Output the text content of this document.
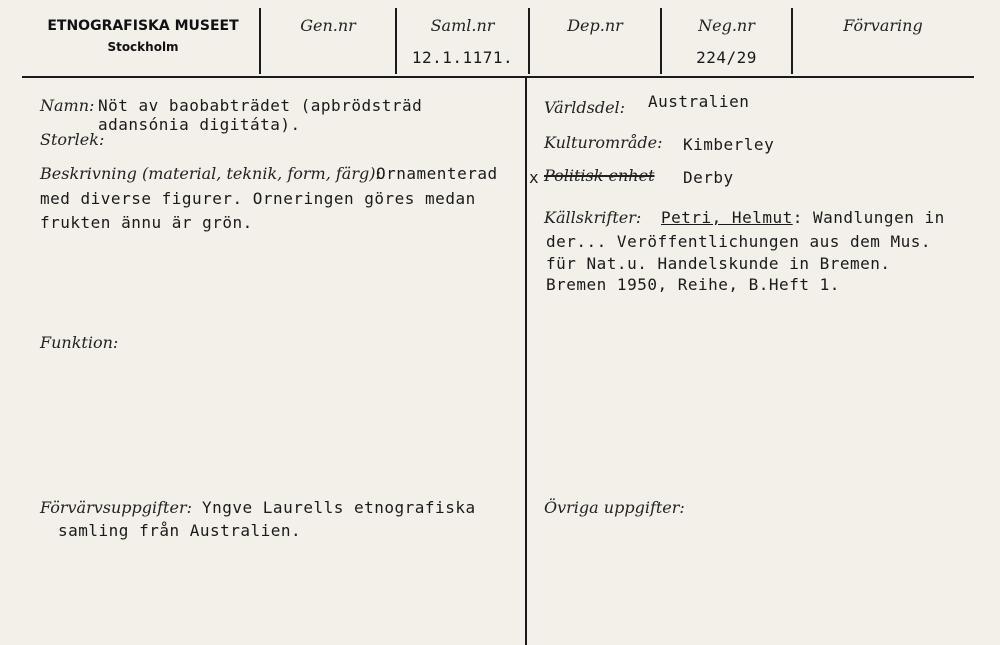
ETNOGRAFISKA MUSEET
Stockholm
Gen.nr	Saml.nr
12.1.1171.
Dep.nr	Neg.nr
224/29
Förvaring
Namn: Nöt av baobabträdet (apbrödsträd
adansónia digitáta).
Storlek:
Beskrivning (material, teknik, form, färg):
Ornamenterad
med diverse figurer. Orneringen göres medan
frukten ännu är grön.
Funktion:
Förvärvsuppgifter: Yngve Laurells etnografiska
samling från Australien.
Världsdel: Australien
Kulturområde: Kimberley
x Politisk enhet Derby
Källskrifter: Petri, Helmut: Wandlungen in
der... Veröffentlichungen aus dem Mus.
für Nat.u. Handelskunde in Bremen.
Bremen 1950, Reihe, B.Heft 1.
Övriga uppgifter:
